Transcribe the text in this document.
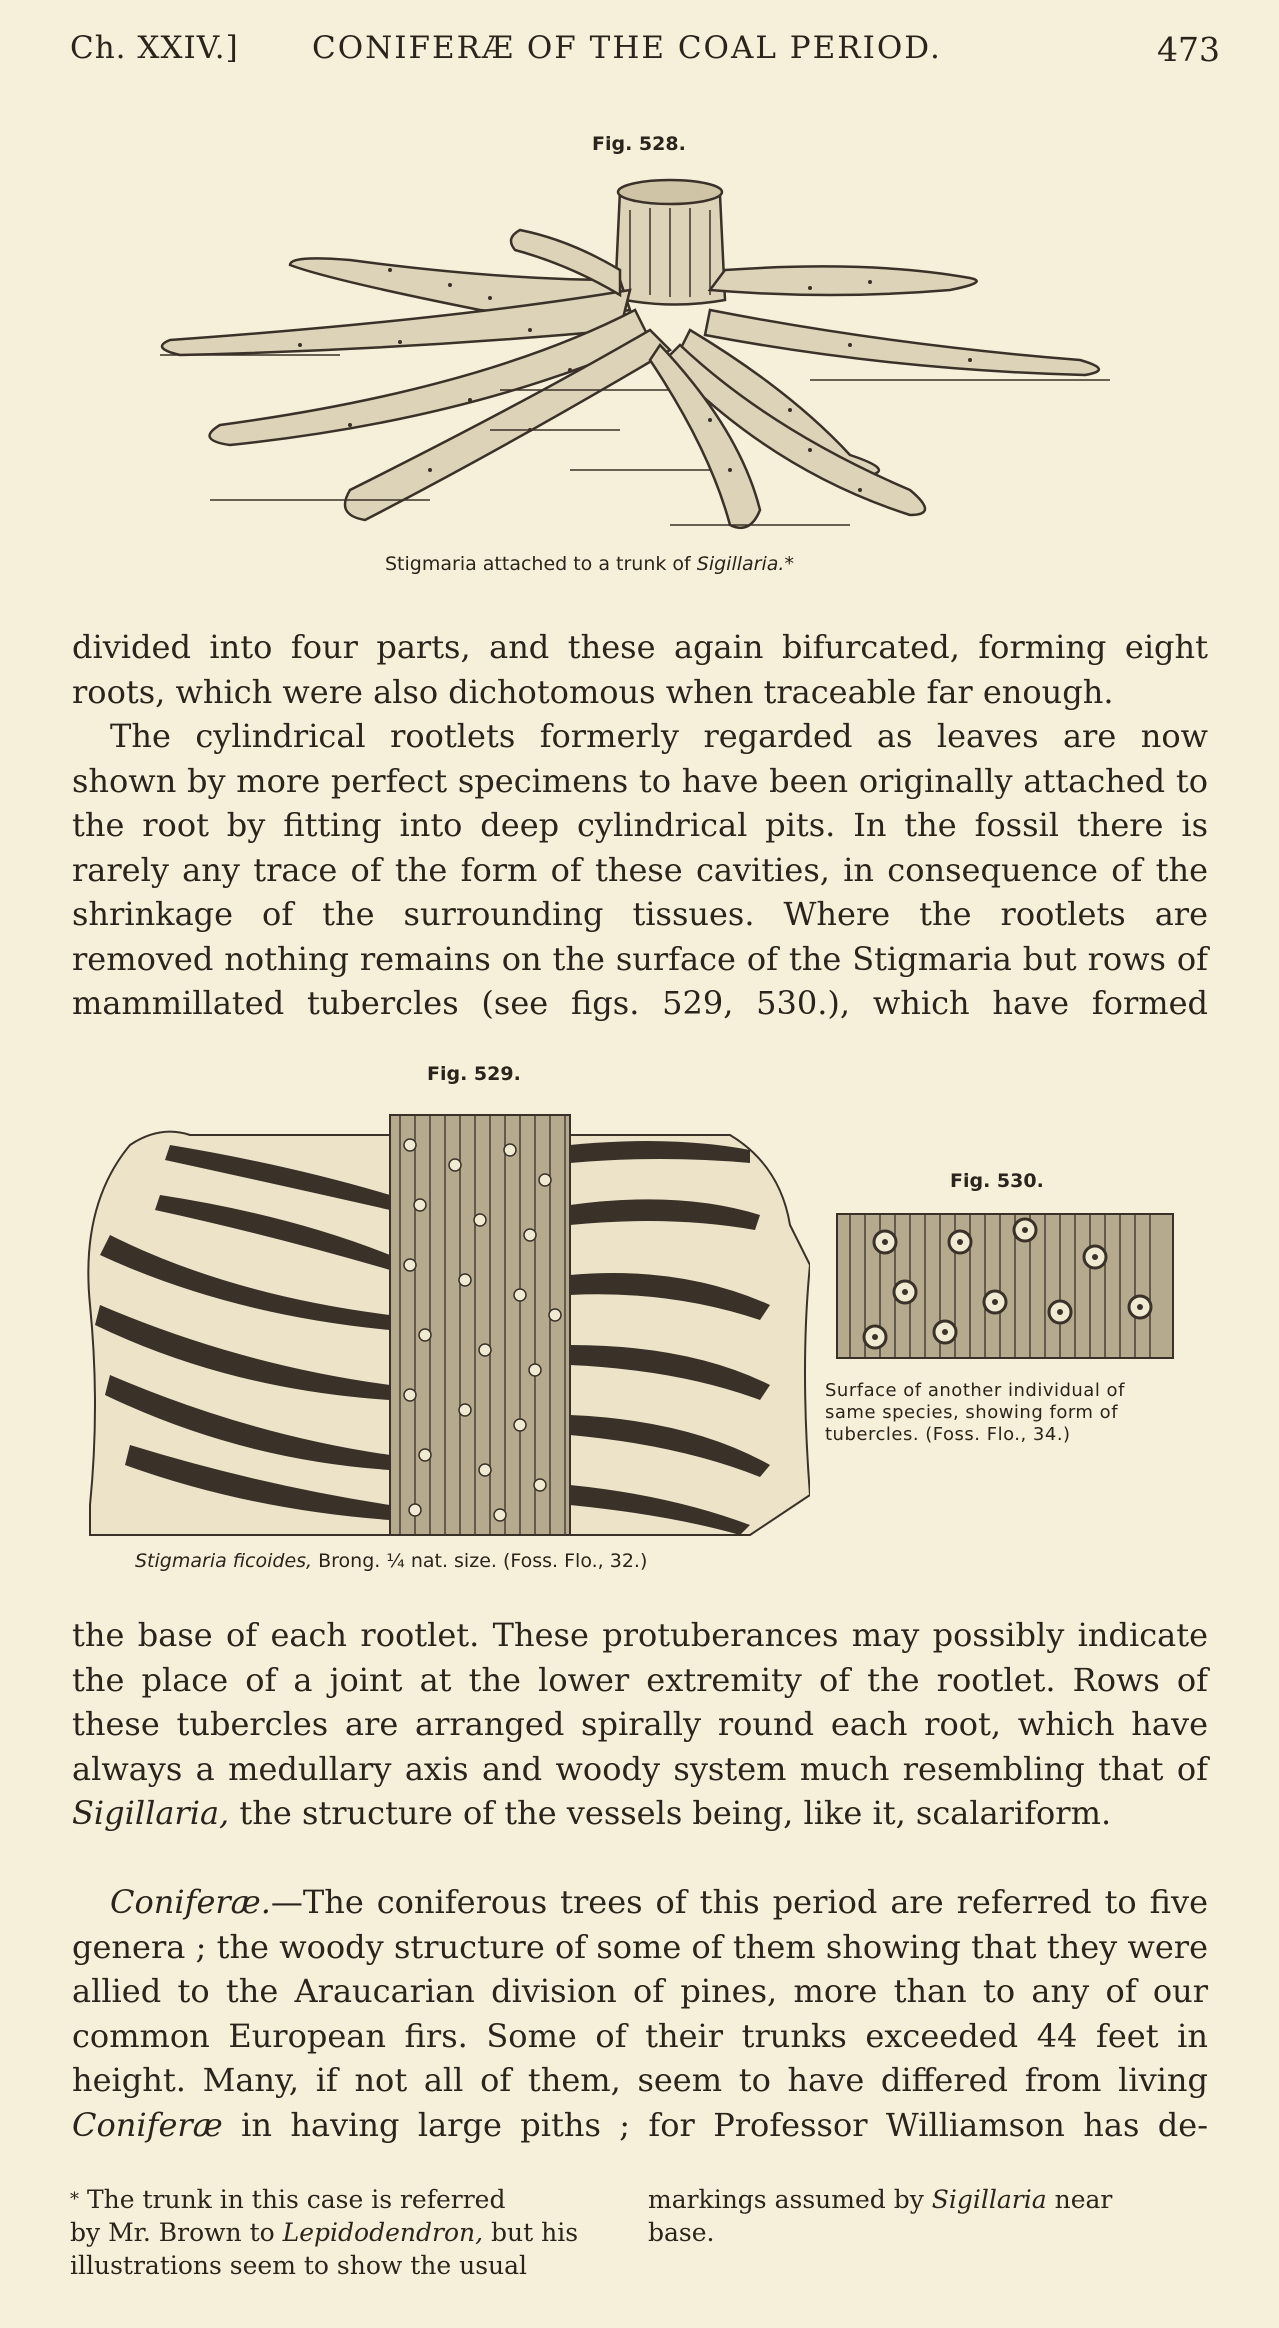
Ch. XXIV.] CONIFERÆ OF THE COAL PERIOD.	473
Fig. 528.
Stigmaria attached to a trunk of Sigillaria.*

divided into four parts, and these again bifurcated, forming eight

roots, which were also dichotomous when traceable far enough.

The cylindrical rootlets formerly regarded as leaves are now shown by more perfect specimens to have been originally attached to the root by fitting into deep cylindrical pits. In the fossil there is rarely any trace of the form of these cavities, in consequence of the shrinkage of the surrounding tissues. Where the rootlets are removed nothing remains on the surface of the Stigmaria but rows of mammillated tubercles (see figs. 529, 530.), which have formed

Fig. 529.
Stigmaria ficoides, Brong. ¼ nat. size. (Foss. Flo., 32.)
Fig. 530.
Surface of another individual of
same species, showing form of
tubercles. (Foss. Flo., 34.)

the base of each rootlet. These protuberances may possibly indicate the place of a joint at the lower extremity of the rootlet. Rows of these tubercles are arranged spirally round each root, which have always a medullary axis and woody system much resembling that of Sigillaria, the structure of the vessels being, like it, scalariform.

Coniferæ.—The coniferous trees of this period are referred to five genera ; the woody structure of some of them showing that they were allied to the Araucarian division of pines, more than to any of our common European firs. Some of their trunks exceeded 44 feet in height. Many, if not all of them, seem to have differed from living Coniferæ in having large piths ; for Professor Williamson has de-

* The trunk in this case is referred
by Mr. Brown to Lepidodendron, but his
illustrations seem to show the usual
markings assumed by Sigillaria near
base.
